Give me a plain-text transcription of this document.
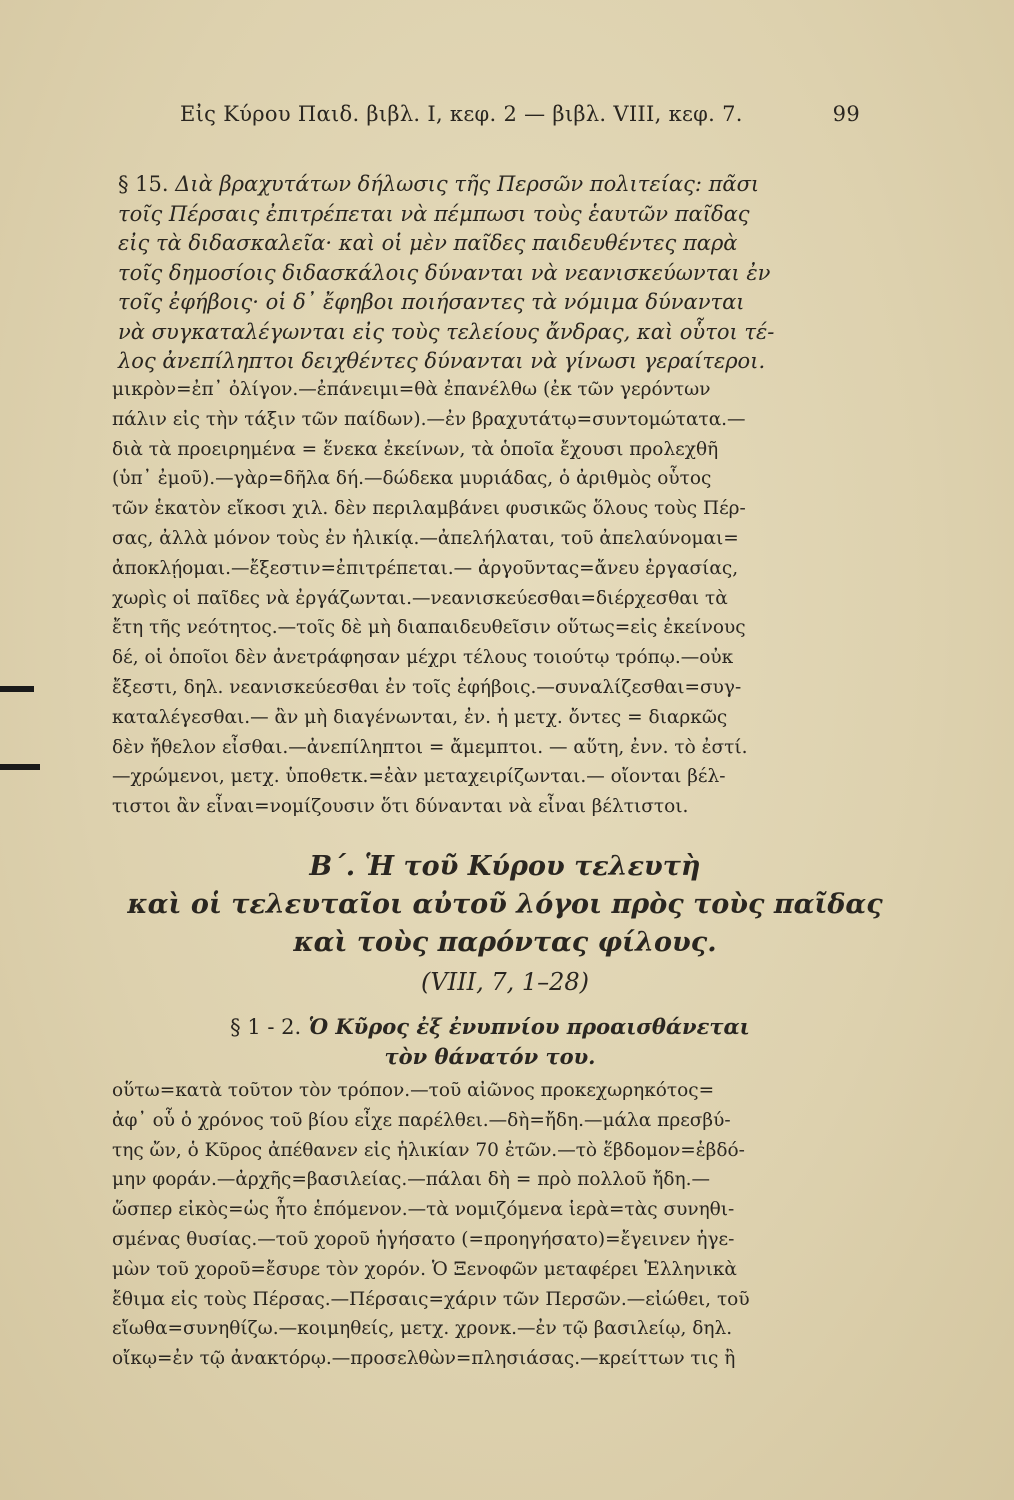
Εἰς Κύρου Παιδ. βιβλ. Ι, κεφ. 2 — βιβλ. VIII, κεφ. 7.	99

§ 15. Διὰ βραχυτάτων δήλωσις τῆς Περσῶν πολιτείας: πᾶσι

τοῖς Πέρσαις ἐπιτρέπεται νὰ πέμπωσι τοὺς ἑαυτῶν παῖδας

εἰς τὰ διδασκαλεῖα· καὶ οἱ μὲν παῖδες παιδευθέντες παρὰ

τοῖς δημοσίοις διδασκάλοις δύνανται νὰ νεανισκεύωνται ἐν

τοῖς ἐφήβοις· οἱ δ᾽ ἔφηβοι ποιήσαντες τὰ νόμιμα δύνανται

νὰ συγκαταλέγωνται εἰς τοὺς τελείους ἄνδρας, καὶ οὗτοι τέ-

λος ἀνεπίληπτοι δειχθέντες δύνανται νὰ γίνωσι γεραίτεροι.

μικρὸν=ἐπ᾽ ὀλίγον.—ἐπάνειμι=θὰ ἐπανέλθω (ἐκ τῶν γερόντων
πάλιν εἰς τὴν τάξιν τῶν παίδων).—ἐν βραχυτάτῳ=συντομώτατα.—
διὰ τὰ προειρημένα = ἕνεκα ἐκείνων, τὰ ὁποῖα ἔχουσι προλεχθῆ
(ὑπ᾽ ἐμοῦ).—γὰρ=δῆλα δή.—δώδεκα μυριάδας, ὁ ἀριθμὸς οὗτος
τῶν ἑκατὸν εἴκοσι χιλ. δὲν περιλαμβάνει φυσικῶς ὅλους τοὺς Πέρ-
σας, ἀλλὰ μόνον τοὺς ἐν ἡλικίᾳ.—ἀπελήλαται, τοῦ ἀπελαύνομαι=
ἀποκλῄομαι.—ἔξεστιν=ἐπιτρέπεται.— ἀργοῦντας=ἄνευ ἐργασίας,
χωρὶς οἱ παῖδες νὰ ἐργάζωνται.—νεανισκεύεσθαι=διέρχεσθαι τὰ
ἔτη τῆς νεότητος.—τοῖς δὲ μὴ διαπαιδευθεῖσιν οὕτως=εἰς ἐκείνους
δέ, οἱ ὁποῖοι δὲν ἀνετράφησαν μέχρι τέλους τοιούτῳ τρόπῳ.—οὐκ
ἔξεστι, δηλ. νεανισκεύεσθαι ἐν τοῖς ἐφήβοις.—συναλίζεσθαι=συγ-
καταλέγεσθαι.— ἂν μὴ διαγένωνται, ἐν. ἡ μετχ. ὄντες = διαρκῶς
δὲν ἤθελον εἶσθαι.—ἀνεπίληπτοι = ἄμεμπτοι. — αὕτη, ἐνν. τὸ ἐστί.
—χρώμενοι, μετχ. ὑποθετκ.=ἐὰν μεταχειρίζωνται.— οἴονται βέλ-
τιστοι ἂν εἶναι=νομίζουσιν ὅτι δύνανται νὰ εἶναι βέλτιστοι.
Β΄. Ἡ τοῦ Κύρου τελευτὴ
καὶ οἱ τελευταῖοι αὐτοῦ λόγοι πρὸς τοὺς παῖδας
καὶ τοὺς παρόντας φίλους.
(VIII, 7, 1–28)
§ 1 - 2. Ὁ Κῦρος ἐξ ἐνυπνίου προαισθάνεται
τὸν θάνατόν του.
οὕτω=κατὰ τοῦτον τὸν τρόπον.—τοῦ αἰῶνος προκεχωρηκότος=
ἀφ᾽ οὗ ὁ χρόνος τοῦ βίου εἶχε παρέλθει.—δὴ=ἤδη.—μάλα πρεσβύ-
της ὤν, ὁ Κῦρος ἀπέθανεν εἰς ἡλικίαν 70 ἐτῶν.—τὸ ἕβδομον=ἑβδό-
μην φοράν.—ἀρχῆς=βασιλείας.—πάλαι δὴ = πρὸ πολλοῦ ἤδη.—
ὥσπερ εἰκὸς=ὡς ἦτο ἑπόμενον.—τὰ νομιζόμενα ἱερὰ=τὰς συνηθι-
σμένας θυσίας.—τοῦ χοροῦ ἡγήσατο (=προηγήσατο)=ἔγεινεν ἡγε-
μὼν τοῦ χοροῦ=ἔσυρε τὸν χορόν. Ὁ Ξενοφῶν μεταφέρει Ἑλληνικὰ
ἔθιμα εἰς τοὺς Πέρσας.—Πέρσαις=χάριν τῶν Περσῶν.—εἰώθει, τοῦ
εἴωθα=συνηθίζω.—κοιμηθείς, μετχ. χρονκ.—ἐν τῷ βασιλείῳ, δηλ.
οἴκῳ=ἐν τῷ ἀνακτόρῳ.—προσελθὼν=πλησιάσας.—κρείττων τις ἢ
